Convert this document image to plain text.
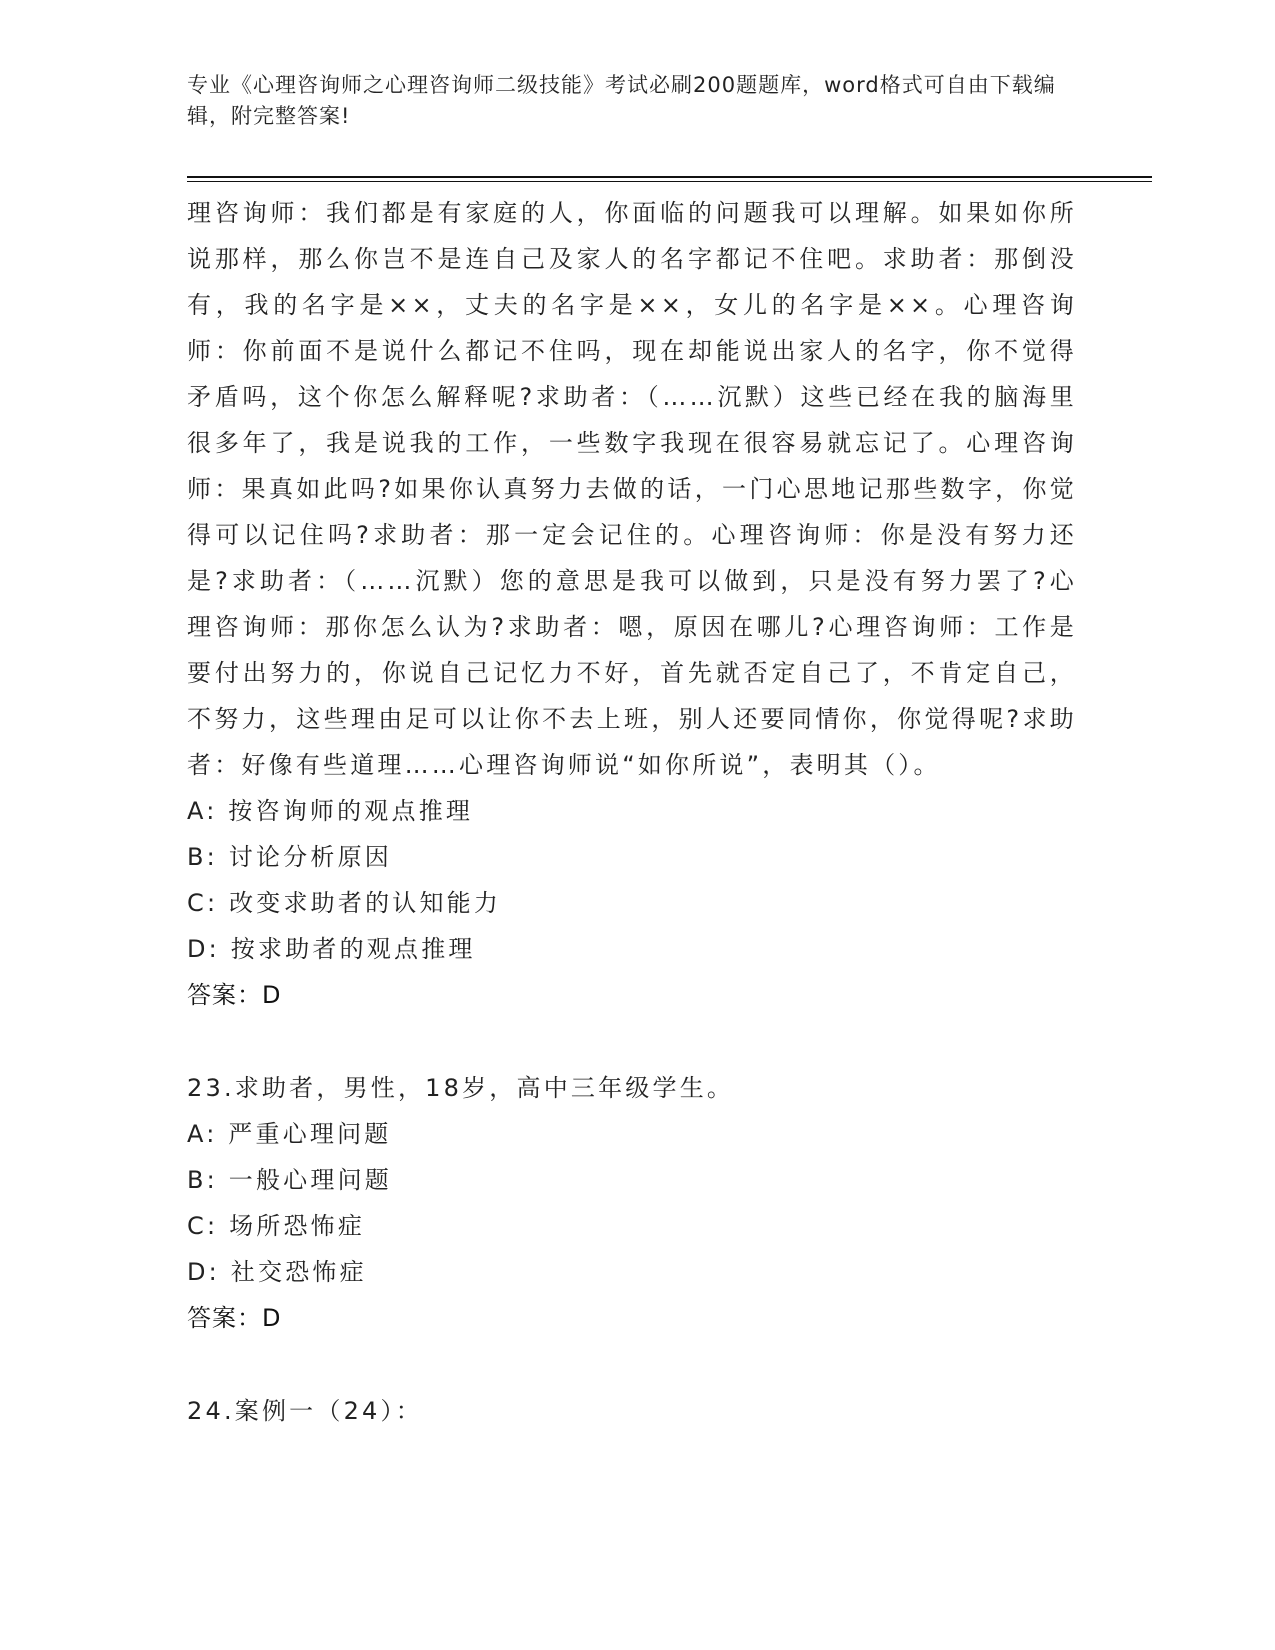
专业《心理咨询师之心理咨询师二级技能》考试必刷200题题库，word格式可自由下载编辑，附完整答案!

理咨询师：我们都是有家庭的人，你面临的问题我可以理解。如果如你所说那样，那么你岂不是连自己及家人的名字都记不住吧。求助者：那倒没有，我的名字是××，丈夫的名字是××，女儿的名字是××。心理咨询师：你前面不是说什么都记不住吗，现在却能说出家人的名字，你不觉得矛盾吗，这个你怎么解释呢?求助者：（……沉默）这些已经在我的脑海里很多年了，我是说我的工作，一些数字我现在很容易就忘记了。心理咨询师：果真如此吗?如果你认真努力去做的话，一门心思地记那些数字，你觉得可以记住吗?求助者：那一定会记住的。心理咨询师：你是没有努力还是?求助者：（……沉默）您的意思是我可以做到，只是没有努力罢了?心理咨询师：那你怎么认为?求助者：嗯，原因在哪儿?心理咨询师：工作是要付出努力的，你说自己记忆力不好，首先就否定自己了，不肯定自己，不努力，这些理由足可以让你不去上班，别人还要同情你，你觉得呢?求助者：好像有些道理……心理咨询师说“如你所说”，表明其（）。

A: 按咨询师的观点推理
B: 讨论分析原因
C: 改变求助者的认知能力
D: 按求助者的观点推理
答案：D
23.求助者，男性，18岁，高中三年级学生。
A: 严重心理问题
B: 一般心理问题
C: 场所恐怖症
D: 社交恐怖症
答案：D
24.案例一（24）：
